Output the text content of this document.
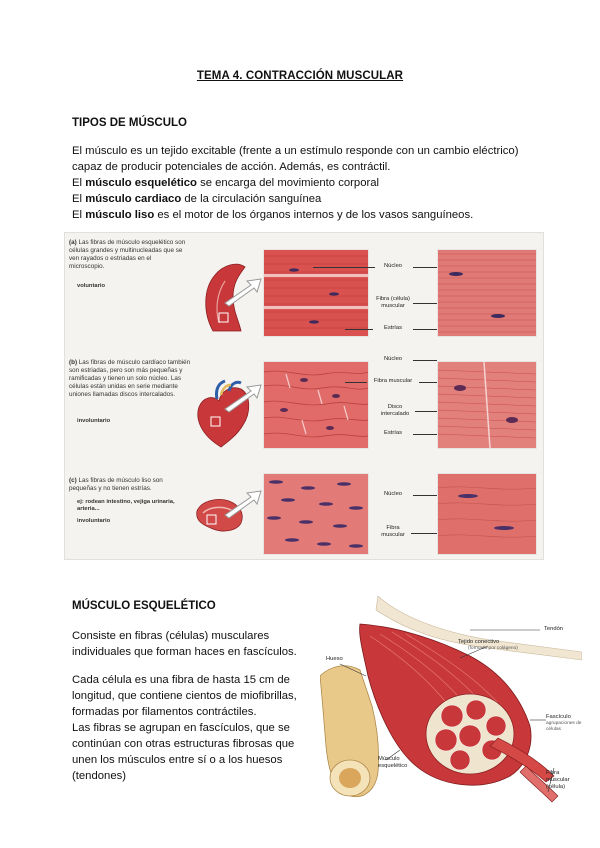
TEMA 4. CONTRACCIÓN MUSCULAR
TIPOS DE MÚSCULO
El músculo es un tejido excitable (frente a un estímulo responde con un cambio eléctrico)
capaz de producir potenciales de acción. Además, es contráctil.
El músculo esquelético se encarga del movimiento corporal
El músculo cardiaco de la circulación sanguínea
El músculo liso es el motor de los órganos internos y de los vasos sanguíneos.
(a) Las fibras de músculo esquelético son células grandes y multinucleadas que se ven rayados o estriadas en el microscopio.
voluntario
Núcleo
Fibra (célula) muscular
Estrías
(b) Las fibras de músculo cardíaco también son estriadas, pero son más pequeñas y ramificadas y tienen un solo núcleo. Las células están unidas en serie mediante uniones llamadas discos intercalados.
involuntario
Núcleo
Fibra muscular
Disco intercalado
Estrías
(c) Las fibras de músculo liso son pequeñas y no tienen estrías.
ej: rodean intestino, vejiga urinaria, arteria...
involuntario
Núcleo
Fibra muscular
MÚSCULO ESQUELÉTICO
Consiste en fibras (células) musculares
individuales que forman haces en fascículos.
Cada célula es una fibra de hasta 15 cm de
longitud, que contiene cientos de miofibrillas,
formadas por filamentos contráctiles.
Las fibras se agrupan en fascículos, que se
continúan con otras estructuras fibrosas que
unen los músculos entre sí o a los huesos
(tendones)
Tendón
Hueso
Tejido conectivo
(formado por colágeno)
Fascículo
agrupaciones de células
Músculo esquelético
Fibra muscular (célula)
